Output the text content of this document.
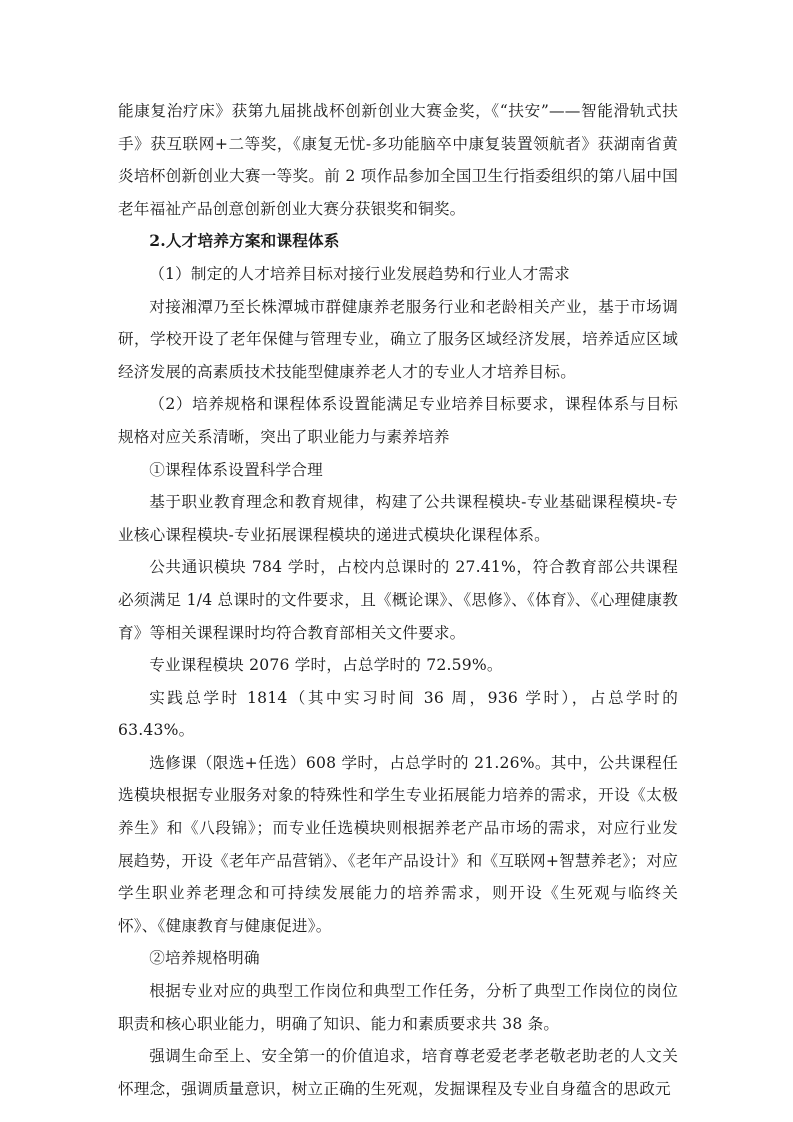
能康复治疗床》获第九届挑战杯创新创业大赛金奖，《“扶安”——智能滑轨式扶手》获互联网+二等奖，《康复无忧-多功能脑卒中康复装置领航者》获湖南省黄炎培杯创新创业大赛一等奖。前 2 项作品参加全国卫生行指委组织的第八届中国老年福祉产品创意创新创业大赛分获银奖和铜奖。

2.人才培养方案和课程体系

（1）制定的人才培养目标对接行业发展趋势和行业人才需求

对接湘潭乃至长株潭城市群健康养老服务行业和老龄相关产业，基于市场调研，学校开设了老年保健与管理专业，确立了服务区域经济发展，培养适应区域经济发展的高素质技术技能型健康养老人才的专业人才培养目标。

（2）培养规格和课程体系设置能满足专业培养目标要求，课程体系与目标规格对应关系清晰，突出了职业能力与素养培养

①课程体系设置科学合理

基于职业教育理念和教育规律，构建了公共课程模块-专业基础课程模块-专业核心课程模块-专业拓展课程模块的递进式模块化课程体系。

公共通识模块 784 学时，占校内总课时的 27.41%，符合教育部公共课程必须满足 1/4 总课时的文件要求，且《概论课》、《思修》、《体育》、《心理健康教育》等相关课程课时均符合教育部相关文件要求。

专业课程模块 2076 学时，占总学时的 72.59%。

实践总学时 1814（其中实习时间 36 周，936 学时），占总学时的 63.43%。

选修课（限选+任选）608 学时，占总学时的 21.26%。其中，公共课程任选模块根据专业服务对象的特殊性和学生专业拓展能力培养的需求，开设《太极养生》和《八段锦》；而专业任选模块则根据养老产品市场的需求，对应行业发展趋势，开设《老年产品营销》、《老年产品设计》和《互联网+智慧养老》；对应学生职业养老理念和可持续发展能力的培养需求，则开设《生死观与临终关怀》、《健康教育与健康促进》。

②培养规格明确

根据专业对应的典型工作岗位和典型工作任务，分析了典型工作岗位的岗位职责和核心职业能力，明确了知识、能力和素质要求共 38 条。

强调生命至上、安全第一的价值追求，培育尊老爱老孝老敬老助老的人文关怀理念，强调质量意识，树立正确的生死观，发掘课程及专业自身蕴含的思政元
